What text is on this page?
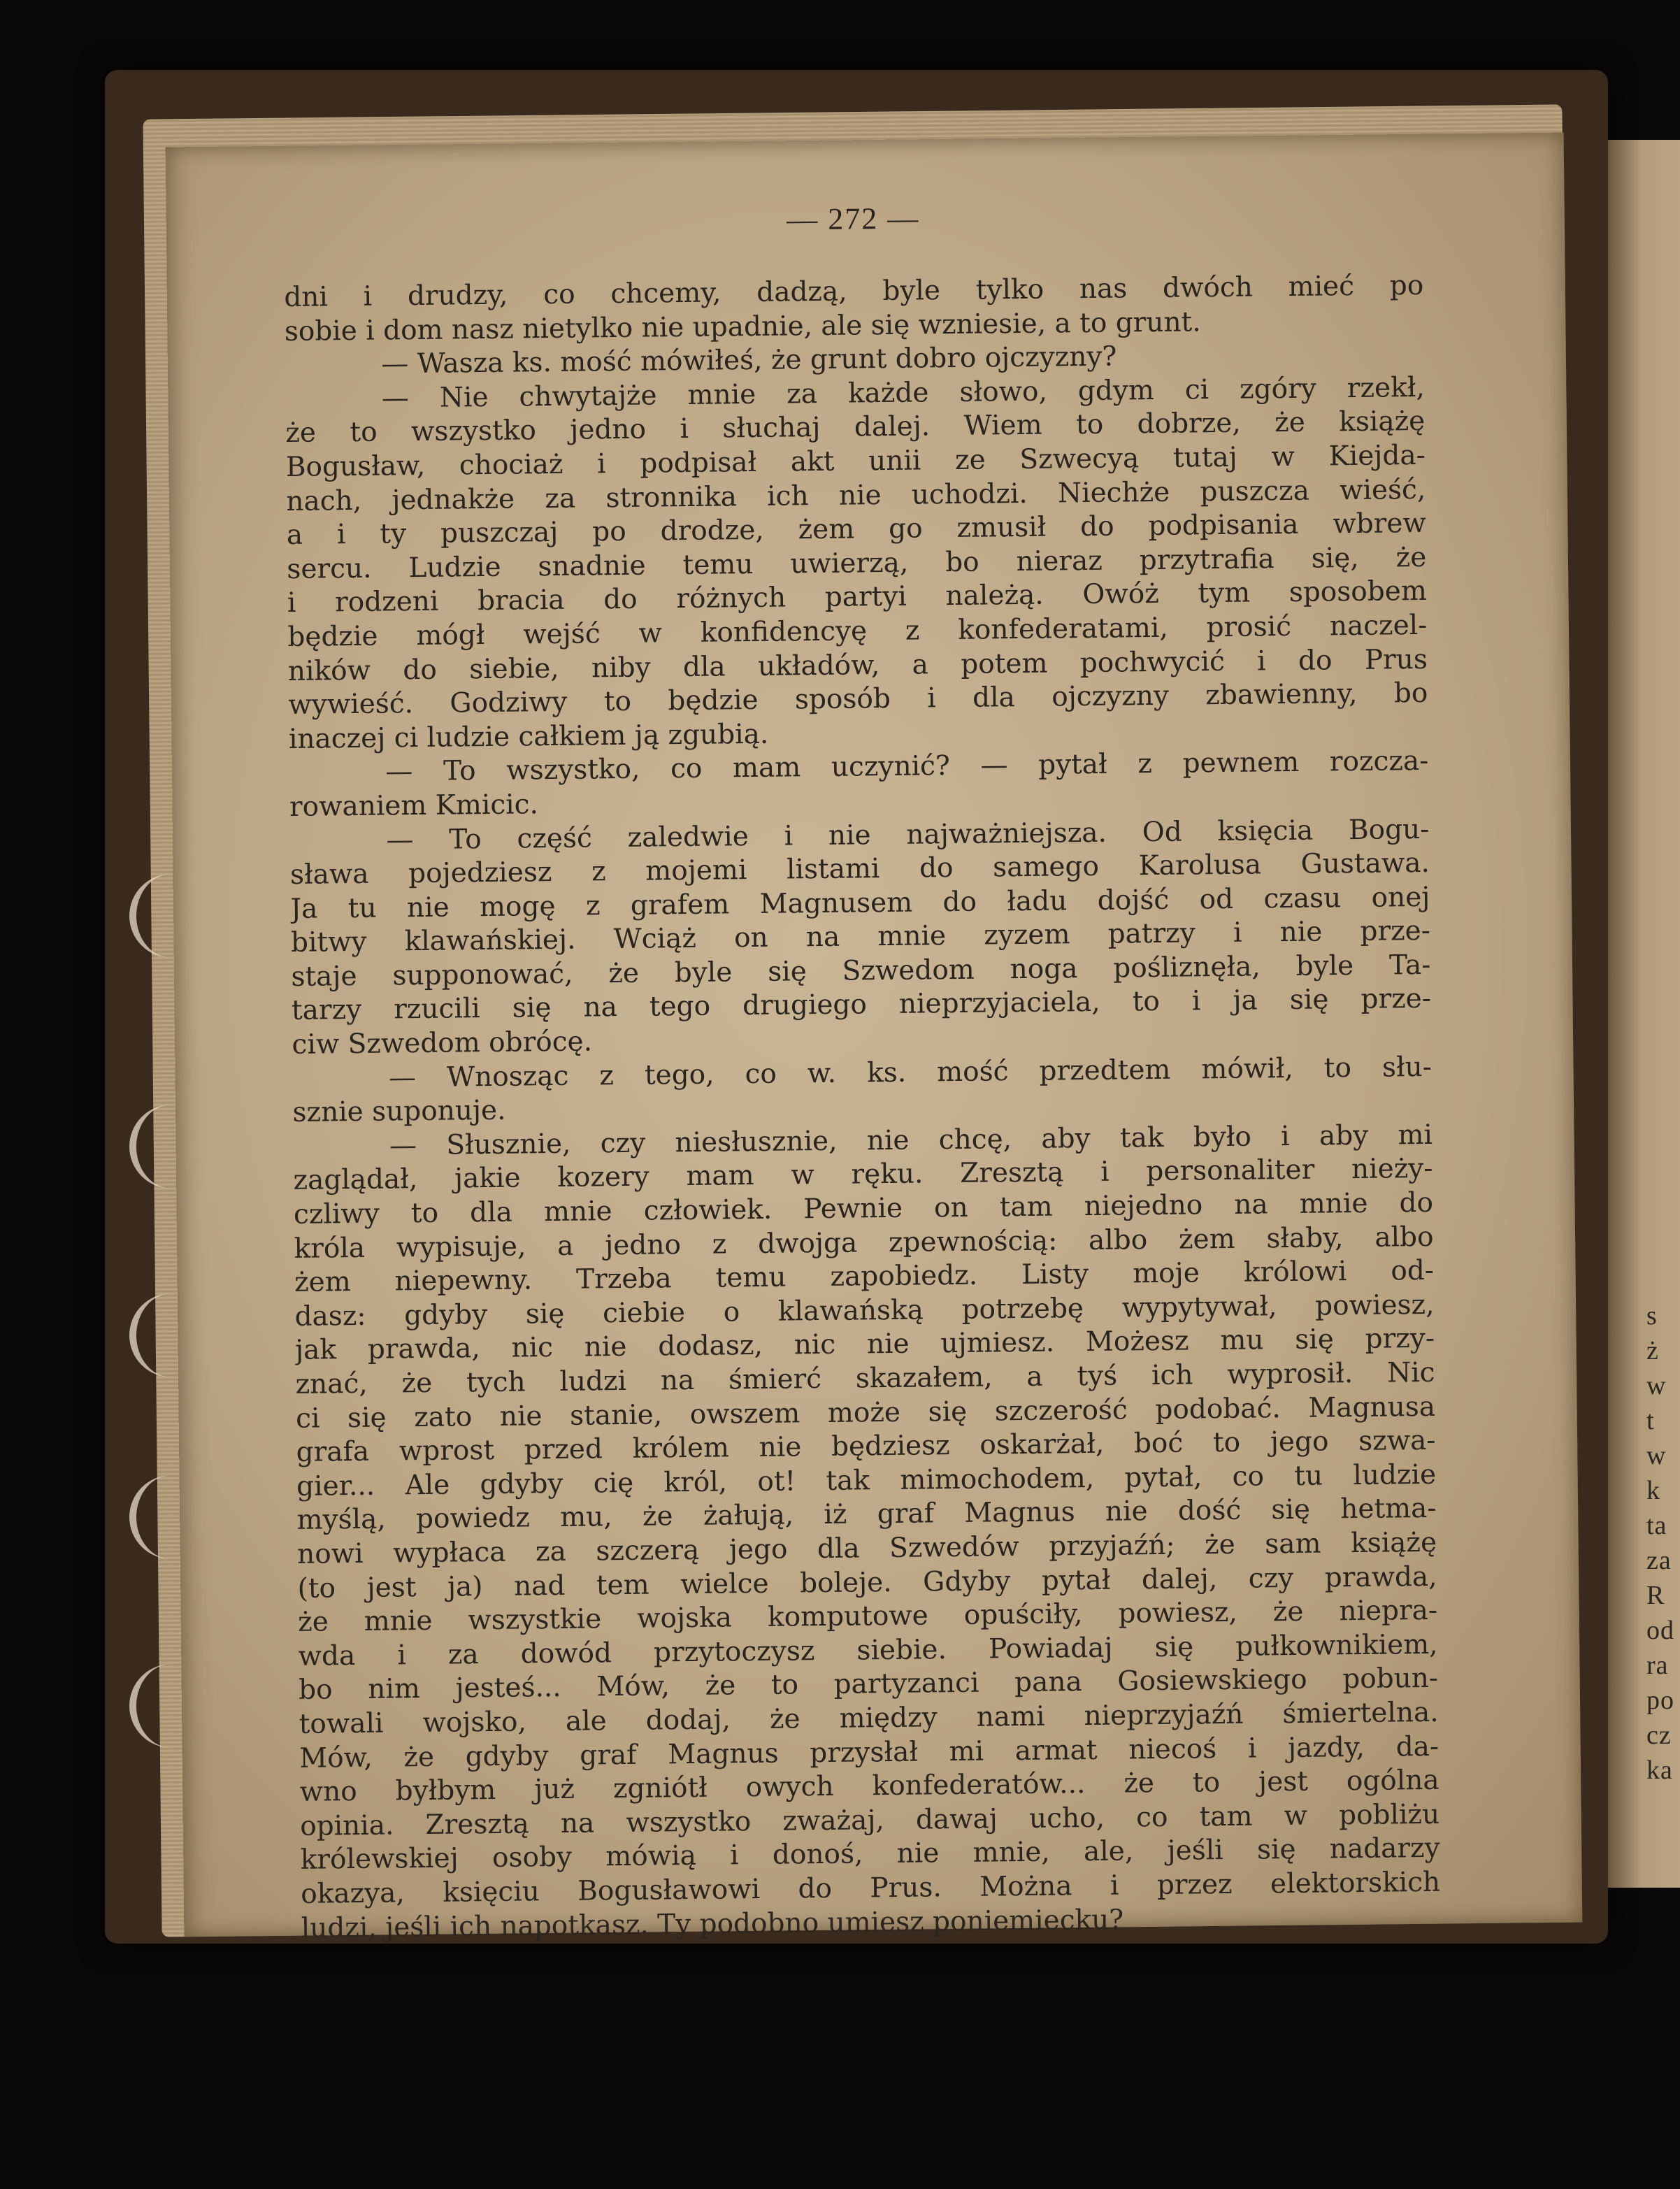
s
ż
w
t
w
k
ta
za
R
od
ra
po
cz
ka
— 272 —
dni i drudzy, co chcemy, dadzą, byle tylko nas dwóch mieć po
sobie i dom nasz nietylko nie upadnie, ale się wzniesie, a to grunt.
— Wasza ks. mość mówiłeś, że grunt dobro ojczyzny?
— Nie chwytajże mnie za każde słowo, gdym ci zgóry rzekł,
że to wszystko jedno i słuchaj dalej. Wiem to dobrze, że książę
Bogusław, chociaż i podpisał akt unii ze Szwecyą tutaj w Kiejda-
nach, jednakże za stronnika ich nie uchodzi. Niechże puszcza wieść,
a i ty puszczaj po drodze, żem go zmusił do podpisania wbrew
sercu. Ludzie snadnie temu uwierzą, bo nieraz przytrafia się, że
i rodzeni bracia do różnych partyi należą. Owóż tym sposobem
będzie mógł wejść w konfidencyę z konfederatami, prosić naczel-
ników do siebie, niby dla układów, a potem pochwycić i do Prus
wywieść. Godziwy to będzie sposób i dla ojczyzny zbawienny, bo
inaczej ci ludzie całkiem ją zgubią.
— To wszystko, co mam uczynić? — pytał z pewnem rozcza-
rowaniem Kmicic.
— To część zaledwie i nie najważniejsza. Od księcia Bogu-
sława pojedziesz z mojemi listami do samego Karolusa Gustawa.
Ja tu nie mogę z grafem Magnusem do ładu dojść od czasu onej
bitwy klawańskiej. Wciąż on na mnie zyzem patrzy i nie prze-
staje supponować, że byle się Szwedom noga pośliznęła, byle Ta-
tarzy rzucili się na tego drugiego nieprzyjaciela, to i ja się prze-
ciw Szwedom obrócę.
— Wnosząc z tego, co w. ks. mość przedtem mówił, to słu-
sznie suponuje.
— Słusznie, czy niesłusznie, nie chcę, aby tak było i aby mi
zaglądał, jakie kozery mam w ręku. Zresztą i personaliter nieży-
czliwy to dla mnie człowiek. Pewnie on tam niejedno na mnie do
króla wypisuje, a jedno z dwojga zpewnością: albo żem słaby, albo
żem niepewny. Trzeba temu zapobiedz. Listy moje królowi od-
dasz: gdyby się ciebie o klawańską potrzebę wypytywał, powiesz,
jak prawda, nic nie dodasz, nic nie ujmiesz. Możesz mu się przy-
znać, że tych ludzi na śmierć skazałem, a tyś ich wyprosił. Nic
ci się zato nie stanie, owszem może się szczerość podobać. Magnusa
grafa wprost przed królem nie będziesz oskarżał, boć to jego szwa-
gier... Ale gdyby cię król, ot! tak mimochodem, pytał, co tu ludzie
myślą, powiedz mu, że żałują, iż graf Magnus nie dość się hetma-
nowi wypłaca za szczerą jego dla Szwedów przyjaźń; że sam książę
(to jest ja) nad tem wielce boleje. Gdyby pytał dalej, czy prawda,
że mnie wszystkie wojska komputowe opuściły, powiesz, że niepra-
wda i za dowód przytoczysz siebie. Powiadaj się pułkownikiem,
bo nim jesteś... Mów, że to partyzanci pana Gosiewskiego pobun-
towali wojsko, ale dodaj, że między nami nieprzyjaźń śmiertelna.
Mów, że gdyby graf Magnus przysłał mi armat niecoś i jazdy, da-
wno byłbym już zgniótł owych konfederatów... że to jest ogólna
opinia. Zresztą na wszystko zważaj, dawaj ucho, co tam w pobliżu
królewskiej osoby mówią i donoś, nie mnie, ale, jeśli się nadarzy
okazya, księciu Bogusławowi do Prus. Można i przez elektorskich
ludzi, jeśli ich napotkasz. Ty podobno umiesz poniemiecku?
